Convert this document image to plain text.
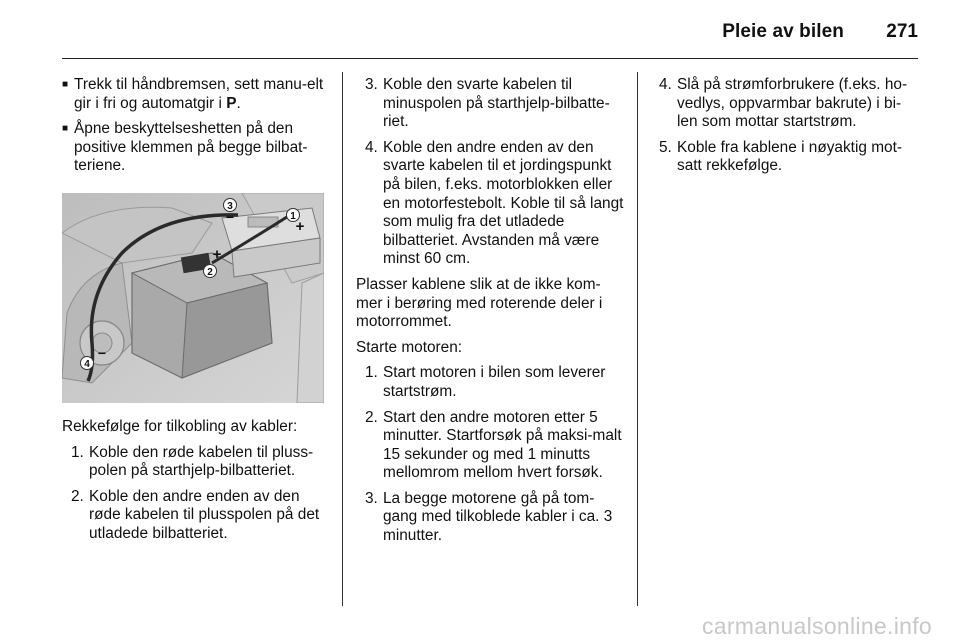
Pleie av bilen 271
■ Trekk til håndbremsen, sett manu-elt gir i fri og automatgir i P.
■ Åpne beskyttelseshetten på den positive klemmen på begge bilbat-teriene.
3
−	1
+
2
+
4
−
Rekkefølge for tilkobling av kabler:
1. Koble den røde kabelen til pluss-polen på starthjelp-bilbatteriet.
2. Koble den andre enden av den røde kabelen til plusspolen på det utladede bilbatteriet.
3. Koble den svarte kabelen til minuspolen på starthjelp-bilbatte-riet.
4. Koble den andre enden av den svarte kabelen til et jordingspunkt på bilen, f.eks. motorblokken eller en motorfestebolt. Koble til så langt som mulig fra det utladede bilbatteriet. Avstanden må være minst 60 cm.
Plasser kablene slik at de ikke kom-mer i berøring med roterende deler i motorrommet.
Starte motoren:
1. Start motoren i bilen som leverer startstrøm.
2. Start den andre motoren etter 5 minutter. Startforsøk på maksi-malt 15 sekunder og med 1 minutts mellomrom mellom hvert forsøk.
3. La begge motorene gå på tom-gang med tilkoblede kabler i ca. 3 minutter.
4. Slå på strømforbrukere (f.eks. ho-vedlys, oppvarmbar bakrute) i bi-len som mottar startstrøm.
5. Koble fra kablene i nøyaktig mot-satt rekkefølge.
carmanualsonline.info
